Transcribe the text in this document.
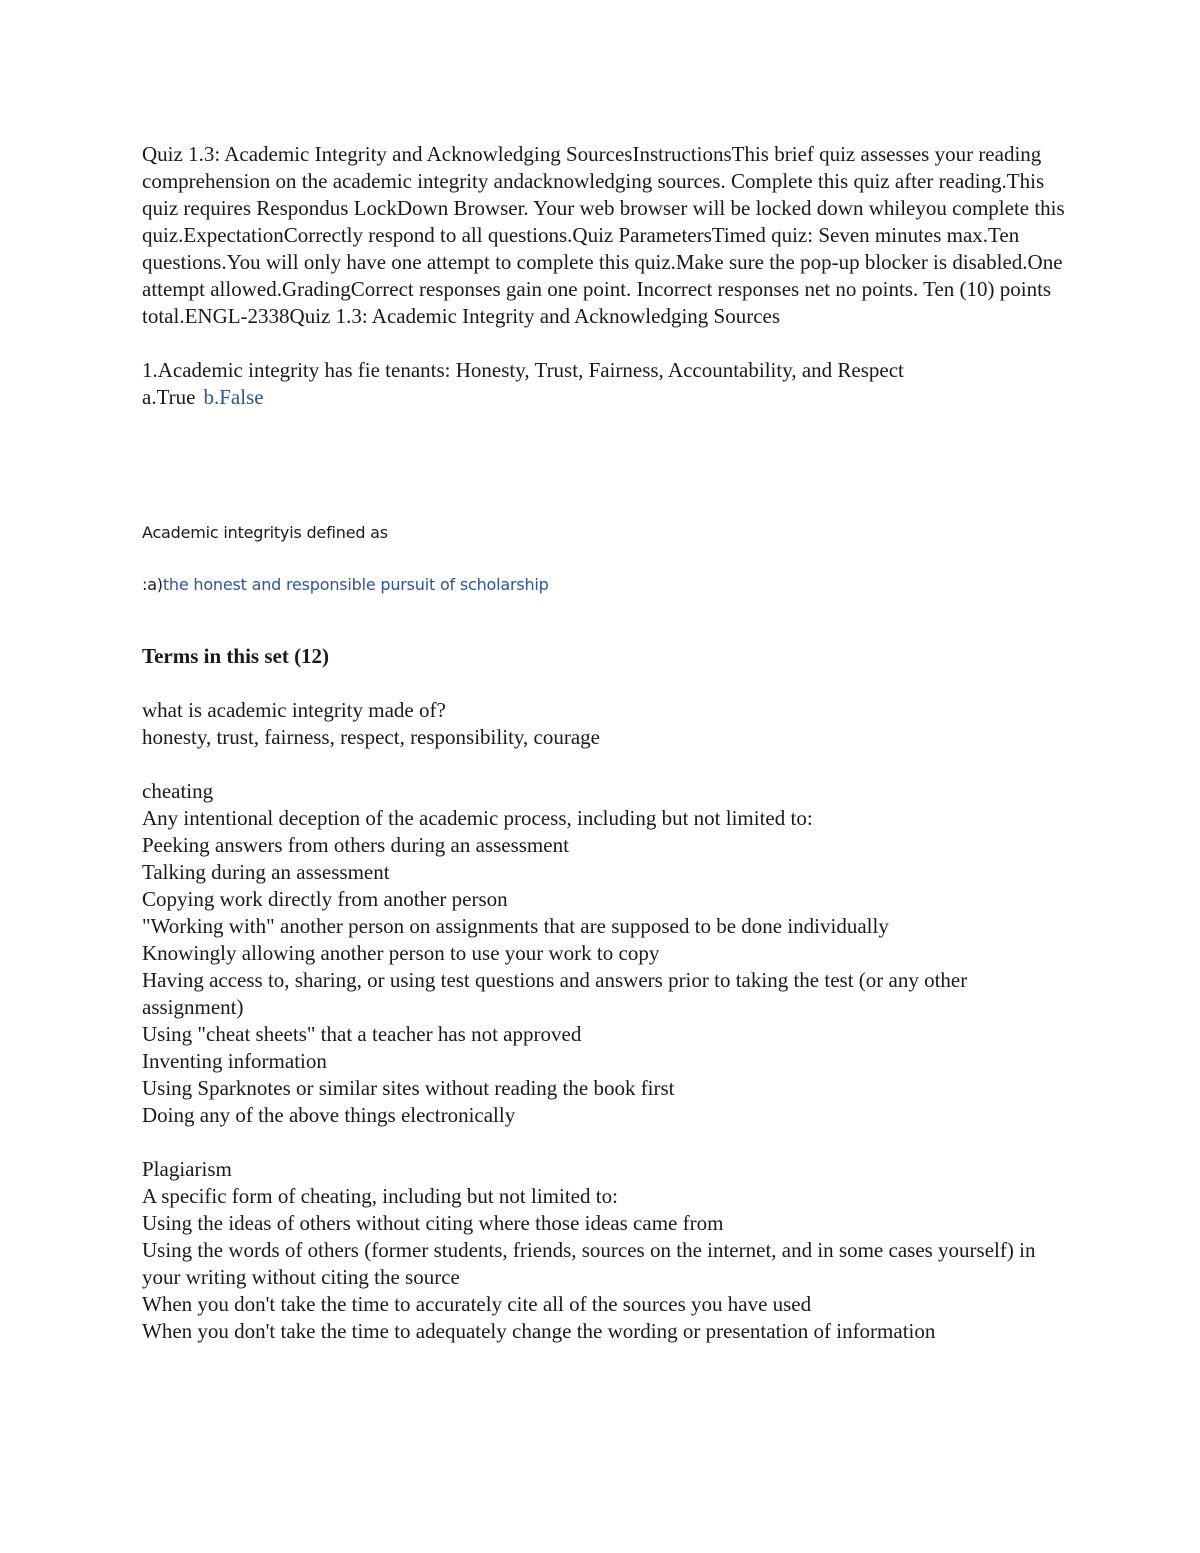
Quiz 1.3: Academic Integrity and Acknowledging SourcesInstructionsThis brief quiz assesses your reading comprehension on the academic integrity andacknowledging sources. Complete this quiz after reading.This quiz requires Respondus LockDown Browser. Your web browser will be locked down whileyou complete this quiz.ExpectationCorrectly respond to all questions.Quiz ParametersTimed quiz: Seven minutes max.Ten questions.You will only have one attempt to complete this quiz.Make sure the pop-up blocker is disabled.One attempt allowed.GradingCorrect responses gain one point. Incorrect responses net no points. Ten (10) points total.ENGL-2338Quiz 1.3: Academic Integrity and Acknowledging Sources

1.Academic integrity has fie tenants: Honesty, Trust, Fairness, Accountability, and Respect

a.True b.False

Academic integrityis defined as

:a)the honest and responsible pursuit of scholarship

Terms in this set (12)

what is academic integrity made of?

honesty, trust, fairness, respect, responsibility, courage

cheating

Any intentional deception of the academic process, including but not limited to:

Peeking answers from others during an assessment

Talking during an assessment

Copying work directly from another person

"Working with" another person on assignments that are supposed to be done individually

Knowingly allowing another person to use your work to copy

Having access to, sharing, or using test questions and answers prior to taking the test (or any other assignment)

Using "cheat sheets" that a teacher has not approved

Inventing information

Using Sparknotes or similar sites without reading the book first

Doing any of the above things electronically

Plagiarism

A specific form of cheating, including but not limited to:

Using the ideas of others without citing where those ideas came from

Using the words of others (former students, friends, sources on the internet, and in some cases yourself) in your writing without citing the source

When you don't take the time to accurately cite all of the sources you have used

When you don't take the time to adequately change the wording or presentation of information
